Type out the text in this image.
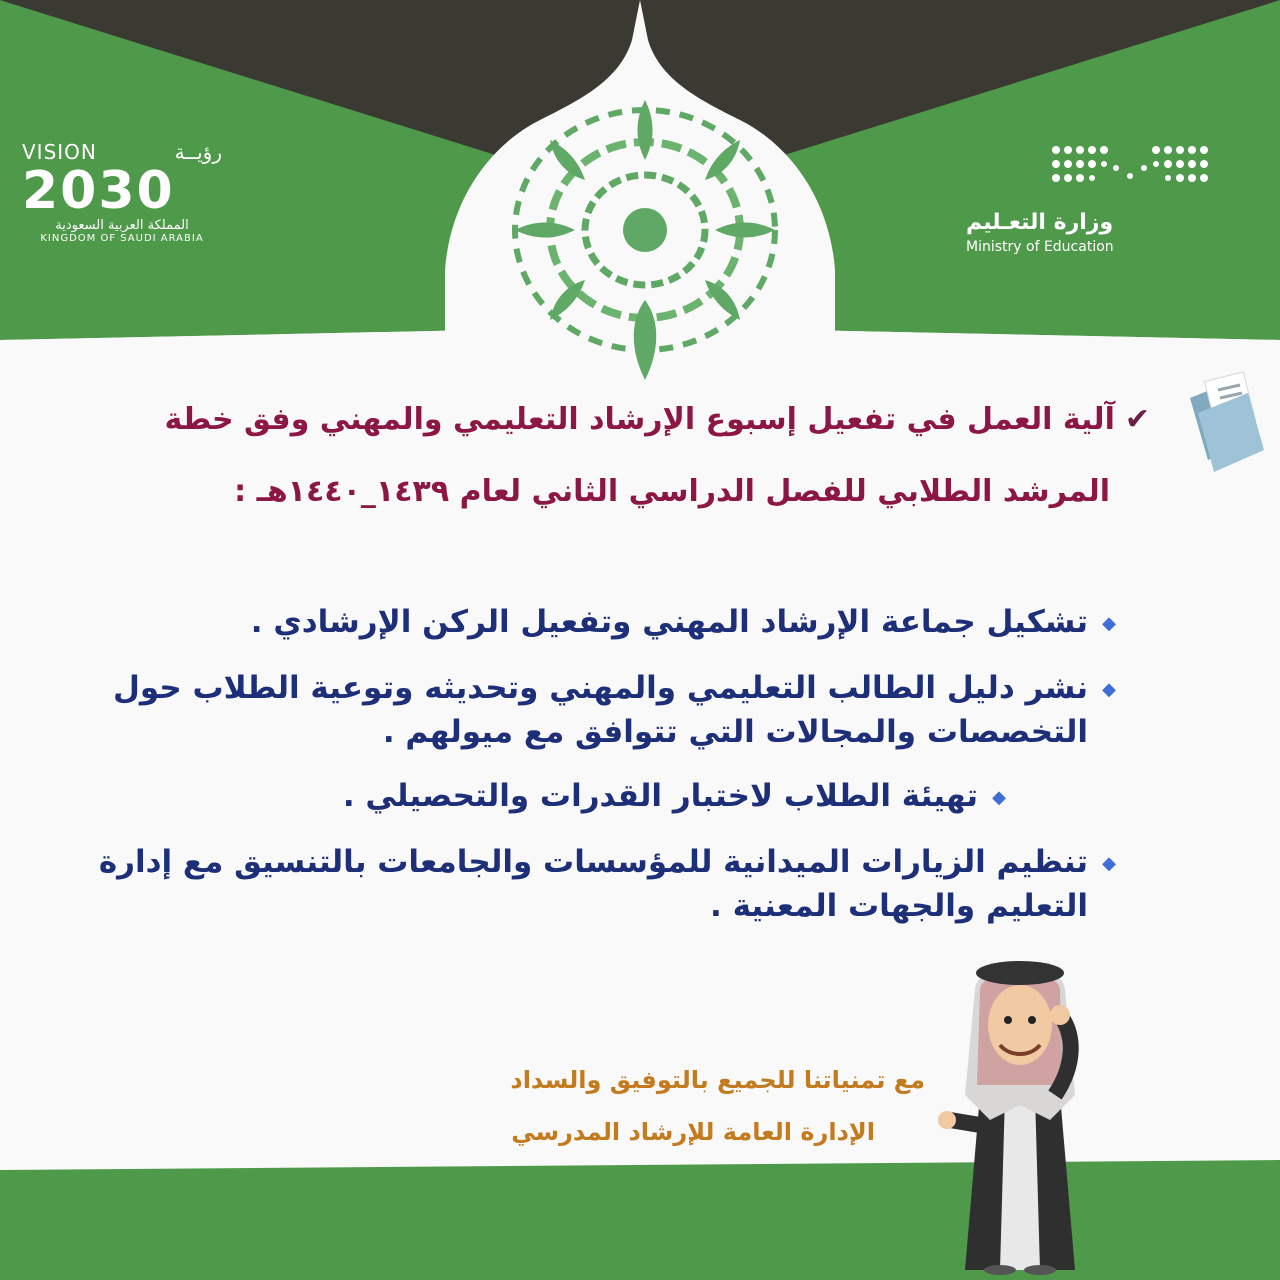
VISION	رؤيــة
2030
المملكة العربية السعودية
KINGDOM OF SAUDI ARABIA
وزارة التعـليم
Ministry of Education
✔آلية العمل في تفعيل إسبوع الإرشاد التعليمي والمهني وفق خطة
المرشد الطلابي للفصل الدراسي الثاني لعام ١٤٣٩_١٤٤٠هـ :
◆
تشكيل جماعة الإرشاد المهني وتفعيل الركن الإرشادي .
◆
نشر دليل الطالب التعليمي والمهني وتحديثه وتوعية الطلاب حول التخصصات والمجالات التي تتوافق مع ميولهم .
◆
تهيئة الطلاب لاختبار القدرات والتحصيلي .
◆
تنظيم الزيارات الميدانية للمؤسسات والجامعات بالتنسيق مع إدارة التعليم والجهات المعنية .
مع تمنياتنا للجميع بالتوفيق والسداد
الإدارة العامة للإرشاد المدرسي
